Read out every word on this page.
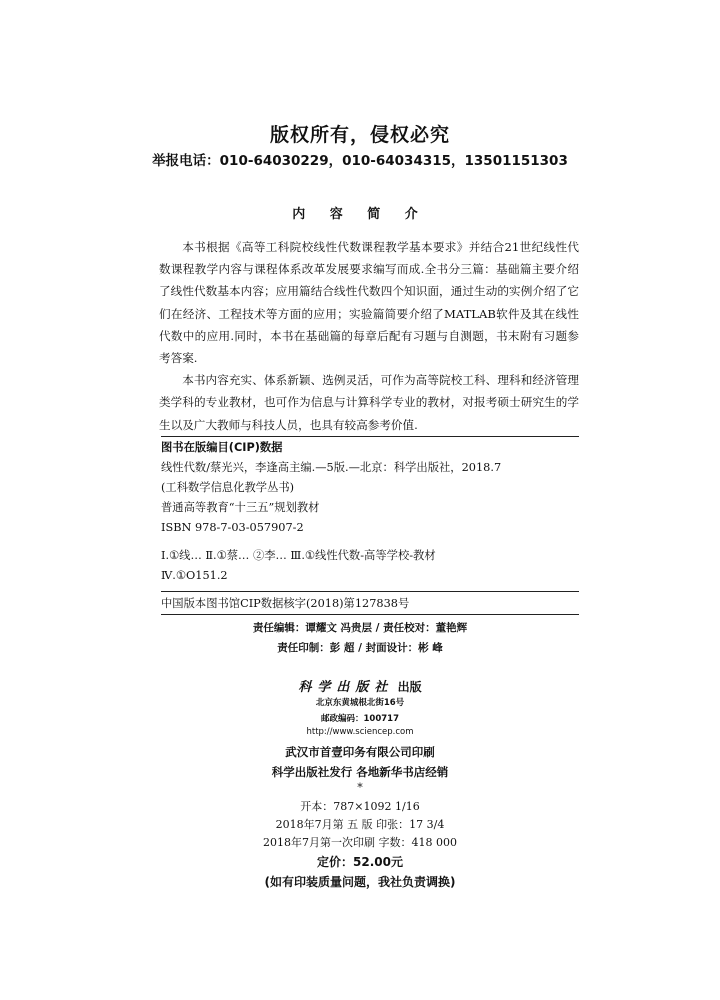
版权所有，侵权必究
举报电话：010-64030229，010-64034315，13501151303
内 容 简 介

本书根据《高等工科院校线性代数课程教学基本要求》并结合21世纪线性代数课程教学内容与课程体系改革发展要求编写而成.全书分三篇：基础篇主要介绍了线性代数基本内容；应用篇结合线性代数四个知识面，通过生动的实例介绍了它们在经济、工程技术等方面的应用；实验篇简要介绍了MATLAB软件及其在线性代数中的应用.同时，本书在基础篇的每章后配有习题与自测题，书末附有习题参考答案.

本书内容充实、体系新颖、选例灵活，可作为高等院校工科、理科和经济管理类学科的专业教材，也可作为信息与计算科学专业的教材，对报考硕士研究生的学生以及广大教师与科技人员，也具有较高参考价值.

图书在版编目(CIP)数据
线性代数/蔡光兴，李逢高主编.—5版.—北京：科学出版社，2018.7
(工科数学信息化教学丛书)
普通高等教育“十三五”规划教材
ISBN 978-7-03-057907-2
Ⅰ.①线… Ⅱ.①蔡… ②李… Ⅲ.①线性代数-高等学校-教材
Ⅳ.①O151.2
中国版本图书馆CIP数据核字(2018)第127838号
责任编辑：谭耀文 冯贵层 / 责任校对：董艳辉
责任印制：彭 超 / 封面设计：彬 峰
科学出版社 出版
北京东黄城根北街16号
邮政编码：100717
http://www.sciencep.com
武汉市首壹印务有限公司印刷
科学出版社发行 各地新华书店经销
*
开本：787×1092 1/16
2018年7月第 五 版 印张：17 3/4
2018年7月第一次印刷 字数：418 000
定价：52.00元
(如有印装质量问题，我社负责调换)
